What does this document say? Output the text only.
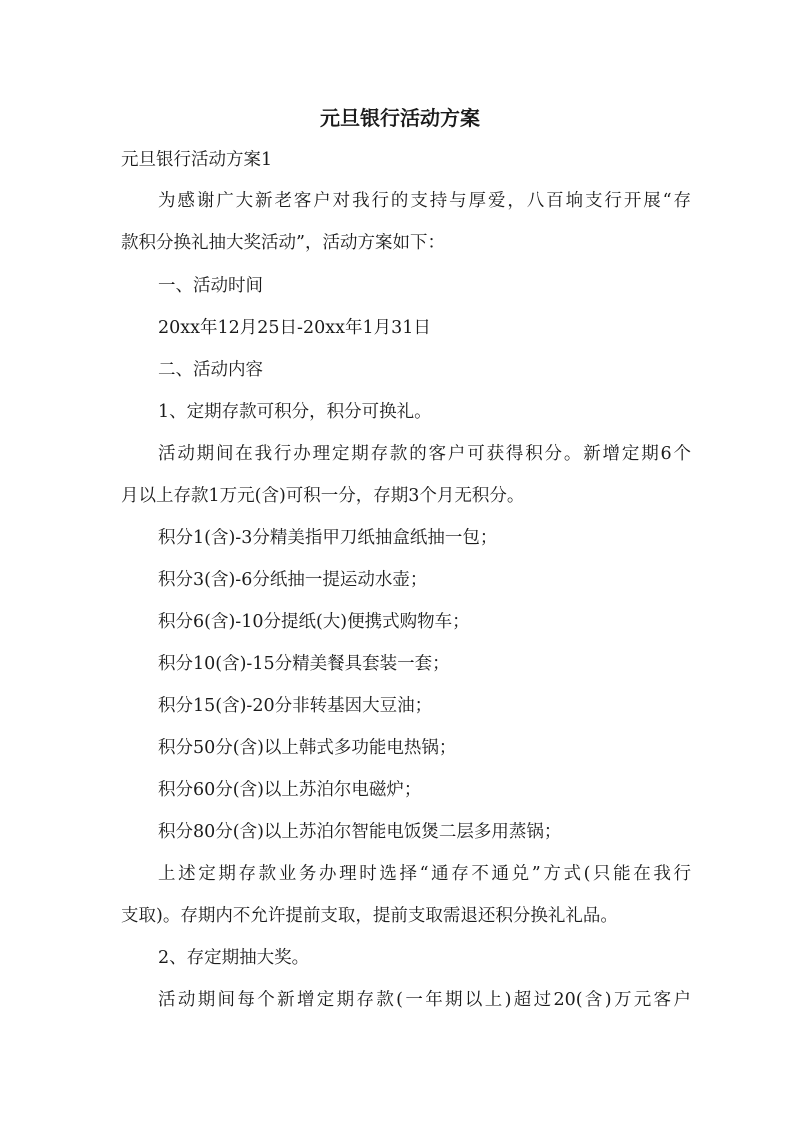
元旦银行活动方案
元旦银行活动方案1
为感谢广大新老客户对我行的支持与厚爱，八百垧支行开展“存
款积分换礼抽大奖活动”，活动方案如下：
一、活动时间
20xx年12月25日-20xx年1月31日
二、活动内容
1、定期存款可积分，积分可换礼。
活动期间在我行办理定期存款的客户可获得积分。新增定期6个
月以上存款1万元(含)可积一分，存期3个月无积分。
积分1(含)-3分精美指甲刀纸抽盒纸抽一包；
积分3(含)-6分纸抽一提运动水壶；
积分6(含)-10分提纸(大)便携式购物车；
积分10(含)-15分精美餐具套装一套；
积分15(含)-20分非转基因大豆油；
积分50分(含)以上韩式多功能电热锅；
积分60分(含)以上苏泊尔电磁炉；
积分80分(含)以上苏泊尔智能电饭煲二层多用蒸锅；
上述定期存款业务办理时选择“通存不通兑”方式(只能在我行
支取)。存期内不允许提前支取，提前支取需退还积分换礼礼品。
2、存定期抽大奖。
活动期间每个新增定期存款(一年期以上)超过20(含)万元客户
